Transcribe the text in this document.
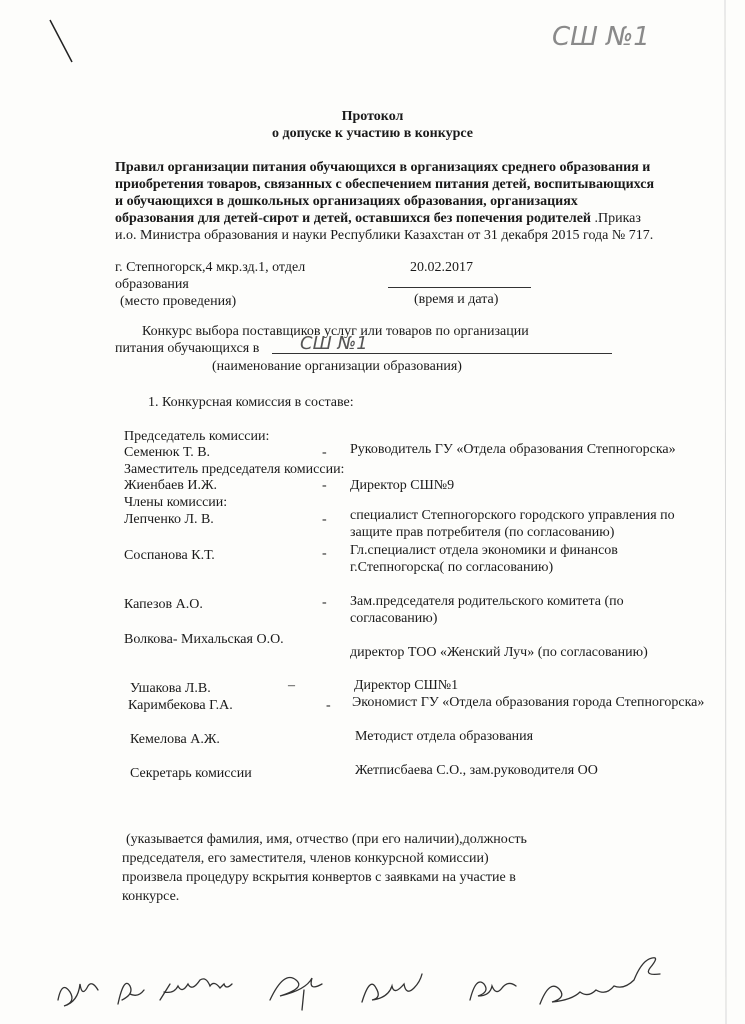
СШ №1
Протокол
о допуске к участию в конкурсе
Правил организации питания обучающихся в организациях среднего образования и
приобретения товаров, связанных с обеспечением питания детей, воспитывающихся
и обучающихся в дошкольных организациях образования, организациях
образования для детей-сирот и детей, оставшихся без попечения родителей .Приказ
и.о. Министра образования и науки Республики Казахстан от 31 декабря 2015 года № 717.
г. Степногорск,4 мкр.зд.1, отдел
образования
(место проведения)
20.02.2017
(время и дата)
Конкурс выбора поставщиков услуг или товаров по организации
питания обучающихся в СШ №1
(наименование организации образования)
1. Конкурсная комиссия в составе:
Председатель комиссии:
Семенюк Т. В.	- Руководитель ГУ «Отдела образования Степногорска»
Заместитель председателя комиссии:
Жиенбаев И.Ж.	- Директор СШ№9
Члены комиссии:
Лепченко Л. В.	- специалист Степногорского городского управления по
защите прав потребителя (по согласованию)
Соспанова К.Т.	- Гл.специалист отдела экономики и финансов
г.Степногорска( по согласованию)
Капезов А.О.	- Зам.председателя родительского комитета (по
согласованию)
Волкова- Михальская О.О.
директор ТОО «Женский Луч» (по согласованию)
Ушакова Л.В.	–	Директор СШ№1
Каримбекова Г.А.	- Экономист ГУ «Отдела образования города Степногорска»
Кемелова А.Ж.	Методист отдела образования
Секретарь комиссии	Жетписбаева С.О., зам.руководителя ОО
(указывается фамилия, имя, отчество (при его наличии),должность
председателя, его заместителя, членов конкурсной комиссии)
произвела процедуру вскрытия конвертов с заявками на участие в
конкурсе.
